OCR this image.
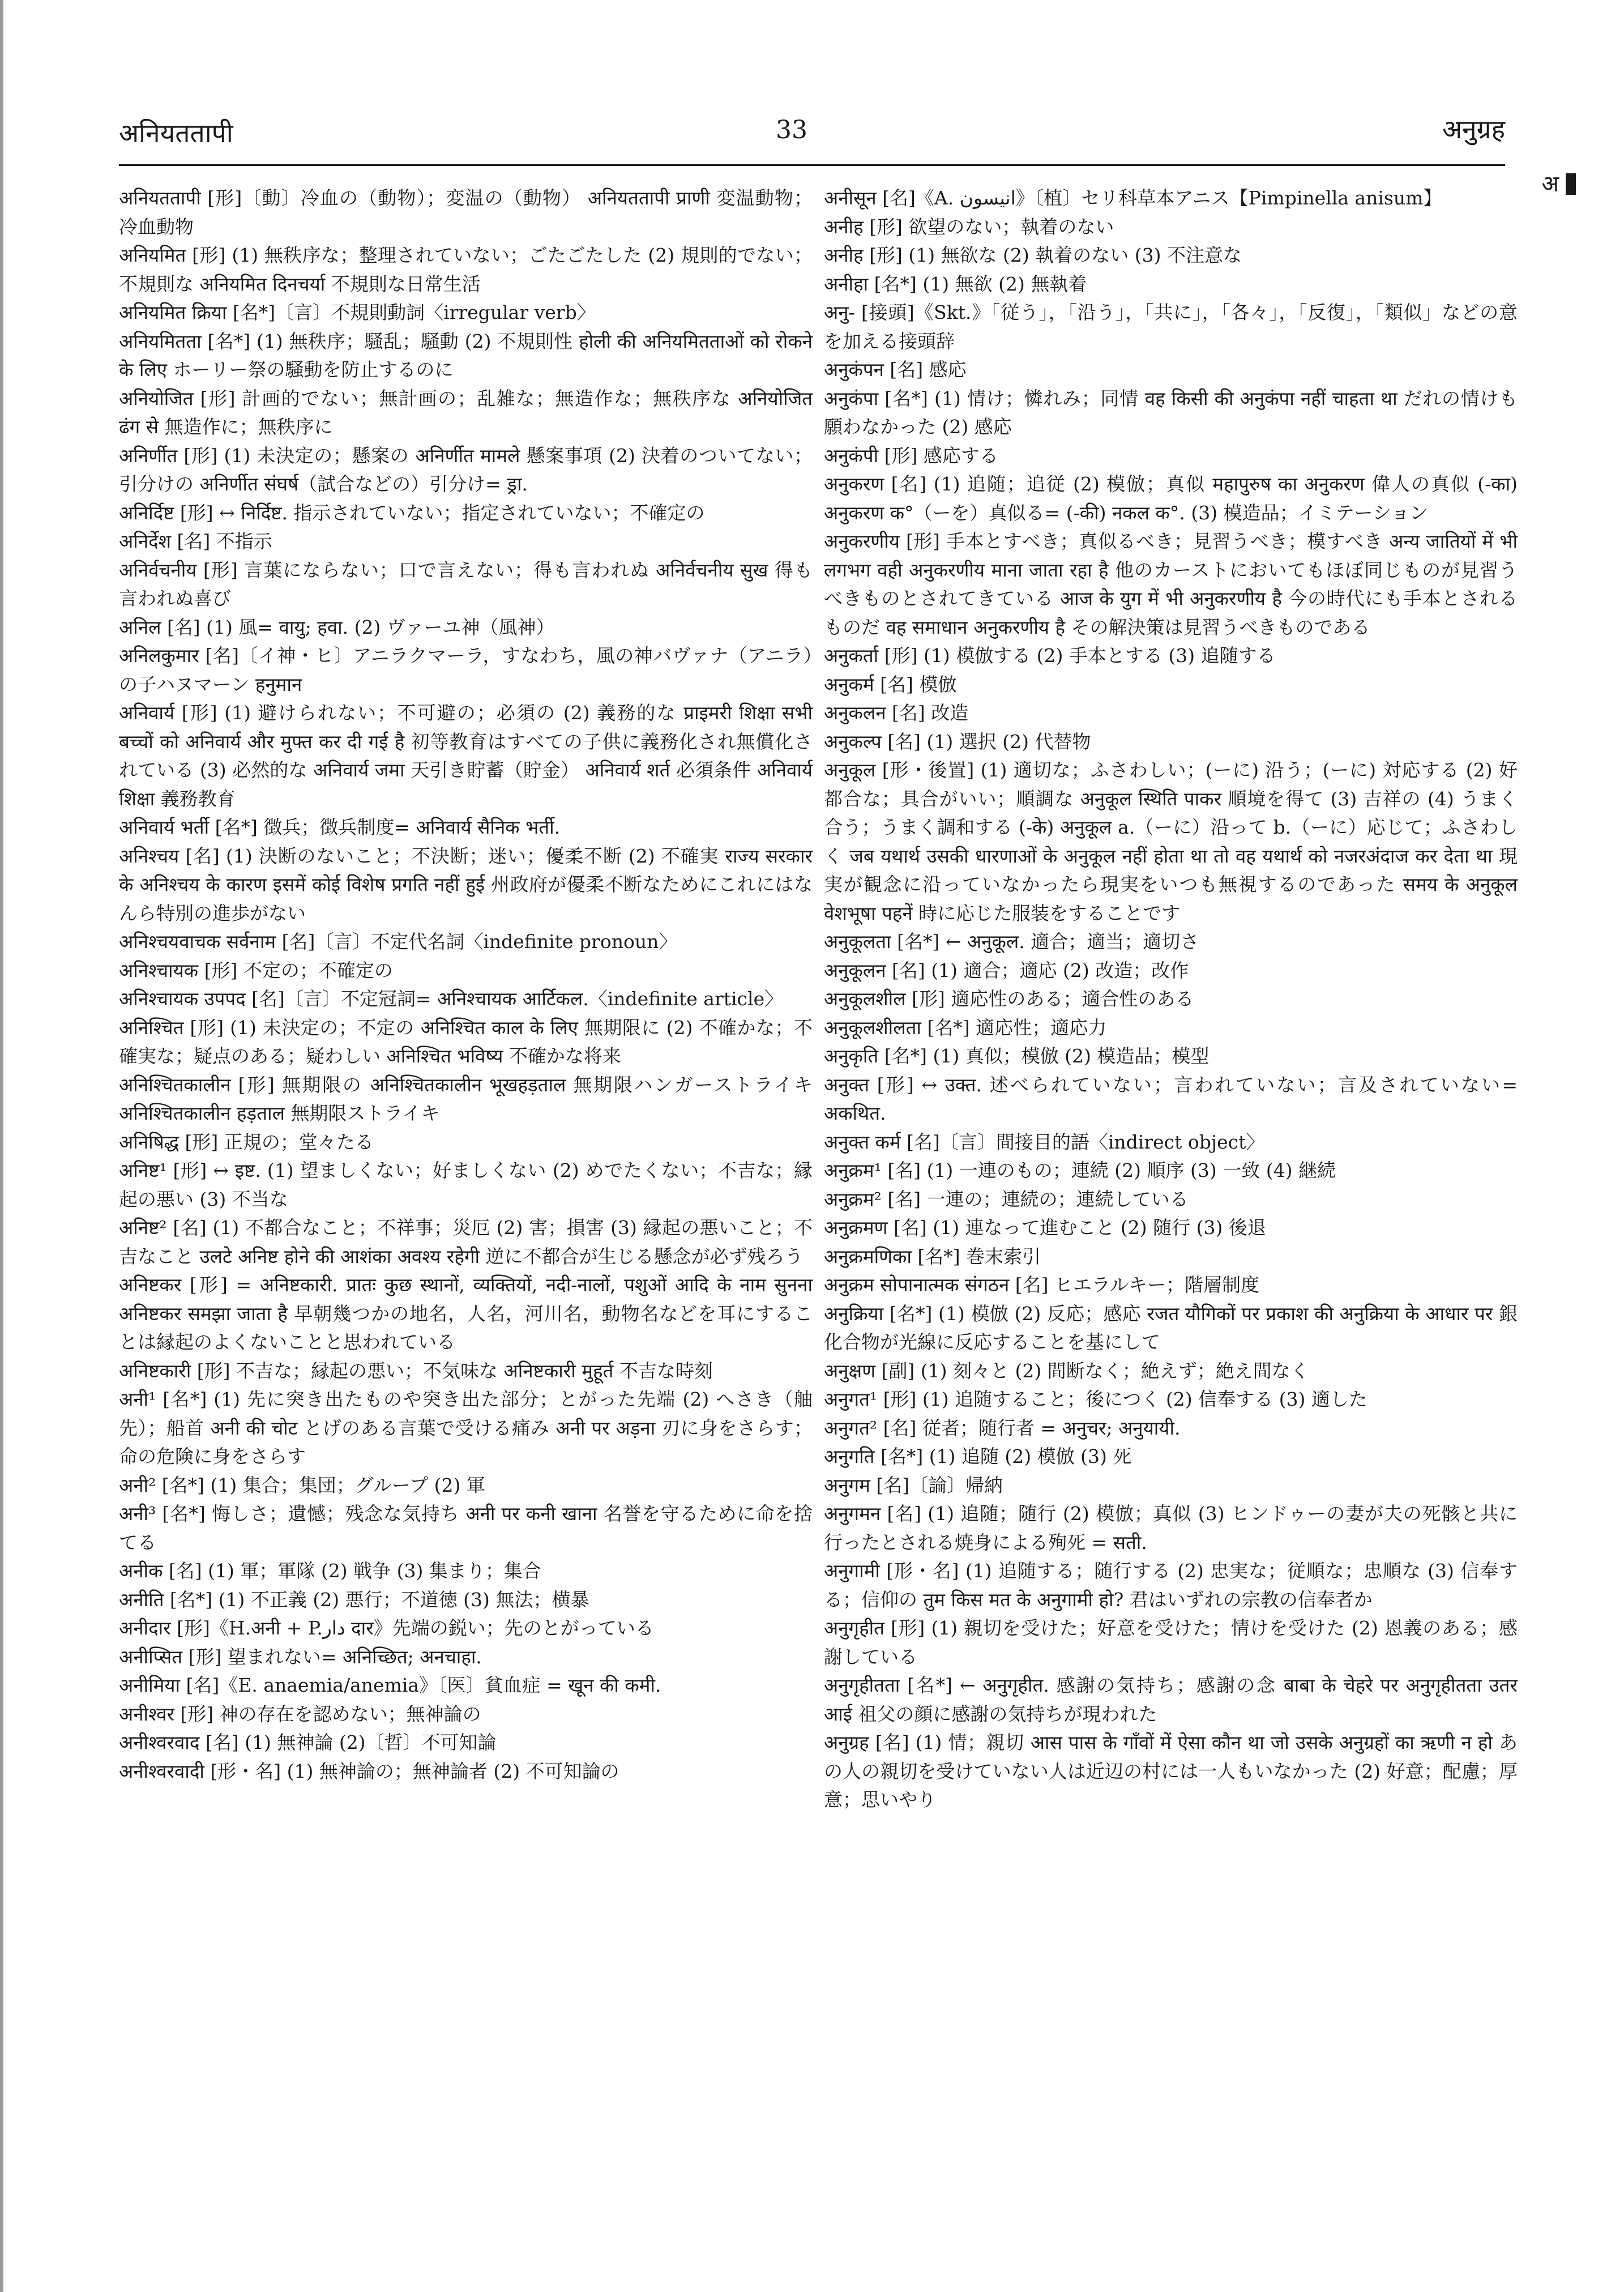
अनियततापी	33	अनुग्रह
अ

अनियततापी [形]〔動〕冷血の（動物）；変温の（動物） अनियततापी प्राणी 変温動物；冷血動物

अनियमित [形] (1) 無秩序な；整理されていない；ごたごたした (2) 規則的でない；不規則な अनियमित दिनचर्या 不規則な日常生活

अनियमित क्रिया [名*]〔言〕不規則動詞〈irregular verb〉

अनियमितता [名*] (1) 無秩序；騒乱；騒動 (2) 不規則性 होली की अनियमितताओं को रोकने के लिए ホーリー祭の騒動を防止するのに

अनियोजित [形] 計画的でない；無計画の；乱雑な；無造作な；無秩序な अनियोजित ढंग से 無造作に；無秩序に

अनिर्णीत [形] (1) 未決定の；懸案の अनिर्णीत मामले 懸案事項 (2) 決着のついてない；引分けの अनिर्णीत संघर्ष（試合などの）引分け= ड्रा.

अनिर्दिष्ट [形] ↔ निर्दिष्ट. 指示されていない；指定されていない；不確定の

अनिर्देश [名] 不指示

अनिर्वचनीय [形] 言葉にならない；口で言えない；得も言われぬ अनिर्वचनीय सुख 得も言われぬ喜び

अनिल [名] (1) 風= वायु; हवा. (2) ヴァーユ神（風神）

अनिलकुमार [名]〔イ神・ヒ〕アニラクマーラ，すなわち，風の神バヴァナ（アニラ）の子ハヌマーン हनुमान

अनिवार्य [形] (1) 避けられない；不可避の；必須の (2) 義務的な प्राइमरी शिक्षा सभी बच्चों को अनिवार्य और मुफ्त कर दी गई है 初等教育はすべての子供に義務化され無償化されている (3) 必然的な अनिवार्य जमा 天引き貯蓄（貯金） अनिवार्य शर्त 必須条件 अनिवार्य शिक्षा 義務教育

अनिवार्य भर्ती [名*] 徴兵；徴兵制度= अनिवार्य सैनिक भर्ती.

अनिश्चय [名] (1) 決断のないこと；不決断；迷い；優柔不断 (2) 不確実 राज्य सरकार के अनिश्चय के कारण इसमें कोई विशेष प्रगति नहीं हुई 州政府が優柔不断なためにこれにはなんら特別の進歩がない

अनिश्चयवाचक सर्वनाम [名]〔言〕不定代名詞〈indefinite pronoun〉

अनिश्चायक [形] 不定の；不確定の

अनिश्चायक उपपद [名]〔言〕不定冠詞= अनिश्चायक आर्टिकल.〈indefinite article〉

अनिश्चित [形] (1) 未決定の；不定の अनिश्चित काल के लिए 無期限に (2) 不確かな；不確実な；疑点のある；疑わしい अनिश्चित भविष्य 不確かな将来

अनिश्चितकालीन [形] 無期限の अनिश्चितकालीन भूखहड़ताल 無期限ハンガーストライキ अनिश्चितकालीन हड़ताल 無期限ストライキ

अनिषिद्ध [形] 正規の；堂々たる

अनिष्ट¹ [形] ↔ इष्ट. (1) 望ましくない；好ましくない (2) めでたくない；不吉な；縁起の悪い (3) 不当な

अनिष्ट² [名] (1) 不都合なこと；不祥事；災厄 (2) 害；損害 (3) 縁起の悪いこと；不吉なこと उलटे अनिष्ट होने की आशंका अवश्य रहेगी 逆に不都合が生じる懸念が必ず残ろう

अनिष्टकर [形] = अनिष्टकारी. प्रातः कुछ स्थानों, व्यक्तियों, नदी-नालों, पशुओं आदि के नाम सुनना अनिष्टकर समझा जाता है 早朝幾つかの地名，人名，河川名，動物名などを耳にすることは縁起のよくないことと思われている

अनिष्टकारी [形] 不吉な；縁起の悪い；不気味な अनिष्टकारी मुहूर्त 不吉な時刻

अनी¹ [名*] (1) 先に突き出たものや突き出た部分；とがった先端 (2) へさき（舳先）；船首 अनी की चोट とげのある言葉で受ける痛み अनी पर अड़ना 刃に身をさらす；命の危険に身をさらす

अनी² [名*] (1) 集合；集団；グループ (2) 軍

अनी³ [名*] 悔しさ；遺憾；残念な気持ち अनी पर कनी खाना 名誉を守るために命を捨てる

अनीक [名] (1) 軍；軍隊 (2) 戦争 (3) 集まり；集合

अनीति [名*] (1) 不正義 (2) 悪行；不道徳 (3) 無法；横暴

अनीदार [形]《H.अनी + P.دار दार》先端の鋭い；先のとがっている

अनीप्सित [形] 望まれない= अनिच्छित; अनचाहा.

अनीमिया [名]《E. anaemia/anemia》〔医〕貧血症 = खून की कमी.

अनीश्वर [形] 神の存在を認めない；無神論の

अनीश्वरवाद [名] (1) 無神論 (2)〔哲〕不可知論

अनीश्वरवादी [形・名] (1) 無神論の；無神論者 (2) 不可知論の

अनीसून [名]《A. انیسون》〔植〕セリ科草本アニス【Pimpinella anisum】

अनीह [形] 欲望のない；執着のない

अनीह [形] (1) 無欲な (2) 執着のない (3) 不注意な

अनीहा [名*] (1) 無欲 (2) 無執着

अनु- [接頭]《Skt.》「従う」，「沿う」，「共に」，「各々」，「反復」，「類似」などの意を加える接頭辞

अनुकंपन [名] 感応

अनुकंपा [名*] (1) 情け；憐れみ；同情 वह किसी की अनुकंपा नहीं चाहता था だれの情けも願わなかった (2) 感応

अनुकंपी [形] 感応する

अनुकरण [名] (1) 追随；追従 (2) 模倣；真似 महापुरुष का अनुकरण 偉人の真似 (-का) अनुकरण क°（ーを）真似る= (-की) नकल क°. (3) 模造品；イミテーション

अनुकरणीय [形] 手本とすべき；真似るべき；見習うべき；模すべき अन्य जातियों में भी लगभग वही अनुकरणीय माना जाता रहा है 他のカーストにおいてもほぼ同じものが見習うべきものとされてきている आज के युग में भी अनुकरणीय है 今の時代にも手本とされるものだ वह समाधान अनुकरणीय है その解決策は見習うべきものである

अनुकर्ता [形] (1) 模倣する (2) 手本とする (3) 追随する

अनुकर्म [名] 模倣

अनुकलन [名] 改造

अनुकल्प [名] (1) 選択 (2) 代替物

अनुकूल [形・後置] (1) 適切な；ふさわしい；(ーに) 沿う；(ーに) 対応する (2) 好都合な；具合がいい；順調な अनुकूल स्थिति पाकर 順境を得て (3) 吉祥の (4) うまく合う；うまく調和する (-के) अनुकूल a.（ーに）沿って b.（ーに）応じて；ふさわしく जब यथार्थ उसकी धारणाओं के अनुकूल नहीं होता था तो वह यथार्थ को नजरअंदाज कर देता था 現実が観念に沿っていなかったら現実をいつも無視するのであった समय के अनुकूल वेशभूषा पहनें 時に応じた服装をすることです

अनुकूलता [名*] ← अनुकूल. 適合；適当；適切さ

अनुकूलन [名] (1) 適合；適応 (2) 改造；改作

अनुकूलशील [形] 適応性のある；適合性のある

अनुकूलशीलता [名*] 適応性；適応力

अनुकृति [名*] (1) 真似；模倣 (2) 模造品；模型

अनुक्त [形] ↔ उक्त. 述べられていない；言われていない；言及されていない= अकथित.

अनुक्त कर्म [名]〔言〕間接目的語〈indirect object〉

अनुक्रम¹ [名] (1) 一連のもの；連続 (2) 順序 (3) 一致 (4) 継続

अनुक्रम² [名] 一連の；連続の；連続している

अनुक्रमण [名] (1) 連なって進むこと (2) 随行 (3) 後退

अनुक्रमणिका [名*] 巻末索引

अनुक्रम सोपानात्मक संगठन [名] ヒエラルキー；階層制度

अनुक्रिया [名*] (1) 模倣 (2) 反応；感応 रजत यौगिकों पर प्रकाश की अनुक्रिया के आधार पर 銀化合物が光線に反応することを基にして

अनुक्षण [副] (1) 刻々と (2) 間断なく；絶えず；絶え間なく

अनुगत¹ [形] (1) 追随すること；後につく (2) 信奉する (3) 適した

अनुगत² [名] 従者；随行者 = अनुचर; अनुयायी.

अनुगति [名*] (1) 追随 (2) 模倣 (3) 死

अनुगम [名]〔論〕帰納

अनुगमन [名] (1) 追随；随行 (2) 模倣；真似 (3) ヒンドゥーの妻が夫の死骸と共に行ったとされる焼身による殉死 = सती.

अनुगामी [形・名] (1) 追随する；随行する (2) 忠実な；従順な；忠順な (3) 信奉する；信仰の तुम किस मत के अनुगामी हो? 君はいずれの宗教の信奉者か

अनुगृहीत [形] (1) 親切を受けた；好意を受けた；情けを受けた (2) 恩義のある；感謝している

अनुगृहीतता [名*] ← अनुगृहीत. 感謝の気持ち；感謝の念 बाबा के चेहरे पर अनुगृहीतता उतर आई 祖父の顔に感謝の気持ちが現われた

अनुग्रह [名] (1) 情；親切 आस पास के गाँवों में ऐसा कौन था जो उसके अनुग्रहों का ऋणी न हो あの人の親切を受けていない人は近辺の村には一人もいなかった (2) 好意；配慮；厚意；思いやり
